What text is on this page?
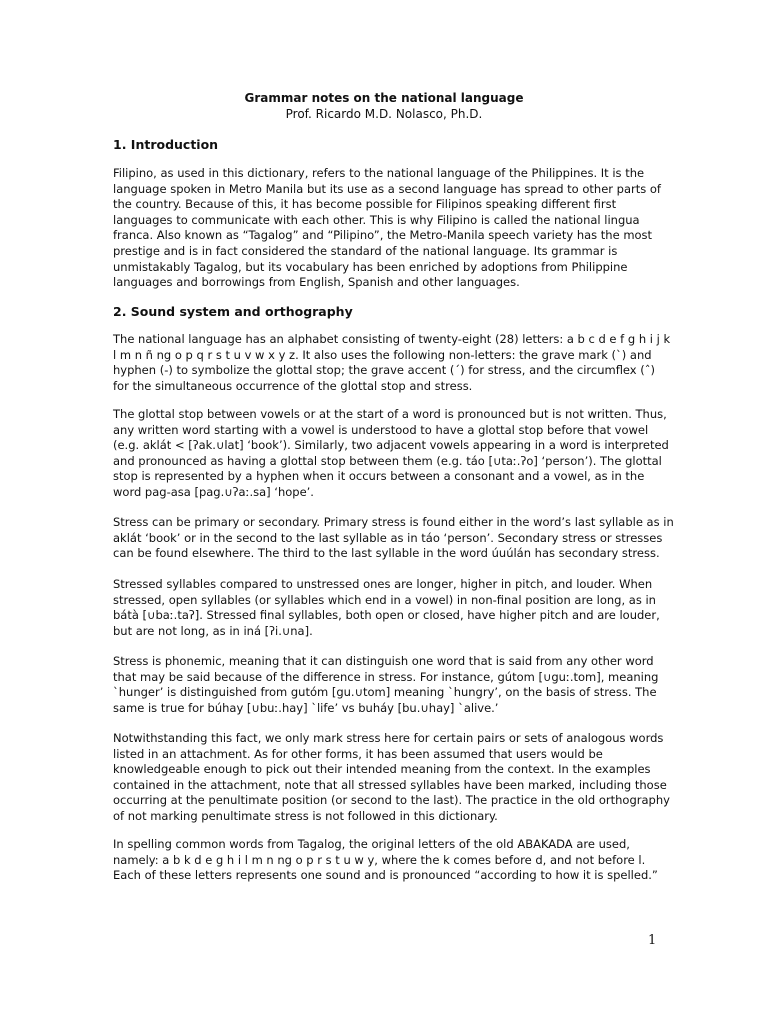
Grammar notes on the national language
Prof. Ricardo M.D. Nolasco, Ph.D.
1. Introduction
Filipino, as used in this dictionary, refers to the national language of the Philippines. It is the
language spoken in Metro Manila but its use as a second language has spread to other parts of
the country. Because of this, it has become possible for Filipinos speaking different first
languages to communicate with each other. This is why Filipino is called the national lingua
franca. Also known as “Tagalog” and “Pilipino”, the Metro-Manila speech variety has the most
prestige and is in fact considered the standard of the national language. Its grammar is
unmistakably Tagalog, but its vocabulary has been enriched by adoptions from Philippine
languages and borrowings from English, Spanish and other languages.
2. Sound system and orthography
The national language has an alphabet consisting of twenty-eight (28) letters: a b c d e f g h i j k
l m n ñ ng o p q r s t u v w x y z. It also uses the following non-letters: the grave mark (`) and
hyphen (-) to symbolize the glottal stop; the grave accent (´) for stress, and the circumflex (ˆ)
for the simultaneous occurrence of the glottal stop and stress.
The glottal stop between vowels or at the start of a word is pronounced but is not written. Thus,
any written word starting with a vowel is understood to have a glottal stop before that vowel
(e.g. aklát < [ʔak.∪lat] ‘book’). Similarly, two adjacent vowels appearing in a word is interpreted
and pronounced as having a glottal stop between them (e.g. táo [∪taː.ʔo] ‘person’). The glottal
stop is represented by a hyphen when it occurs between a consonant and a vowel, as in the
word pag-asa [pag.∪ʔaː.sa] ‘hope’.
Stress can be primary or secondary. Primary stress is found either in the word’s last syllable as in
aklát ‘book’ or in the second to the last syllable as in táo ‘person’. Secondary stress or stresses
can be found elsewhere. The third to the last syllable in the word úuúlán has secondary stress.
Stressed syllables compared to unstressed ones are longer, higher in pitch, and louder. When
stressed, open syllables (or syllables which end in a vowel) in non-final position are long, as in
bátà [∪baː.taʔ]. Stressed final syllables, both open or closed, have higher pitch and are louder,
but are not long, as in iná [ʔi.∪na].
Stress is phonemic, meaning that it can distinguish one word that is said from any other word
that may be said because of the difference in stress. For instance, gútom [∪guː.tom], meaning
`hunger’ is distinguished from gutóm [gu.∪tom] meaning `hungry’, on the basis of stress. The
same is true for búhay [∪buː.hay] `life’ vs buháy [bu.∪hay] `alive.’
Notwithstanding this fact, we only mark stress here for certain pairs or sets of analogous words
listed in an attachment. As for other forms, it has been assumed that users would be
knowledgeable enough to pick out their intended meaning from the context. In the examples
contained in the attachment, note that all stressed syllables have been marked, including those
occurring at the penultimate position (or second to the last). The practice in the old orthography
of not marking penultimate stress is not followed in this dictionary.
In spelling common words from Tagalog, the original letters of the old ABAKADA are used,
namely: a b k d e g h i l m n ng o p r s t u w y, where the k comes before d, and not before l.
Each of these letters represents one sound and is pronounced “according to how it is spelled.”
1
